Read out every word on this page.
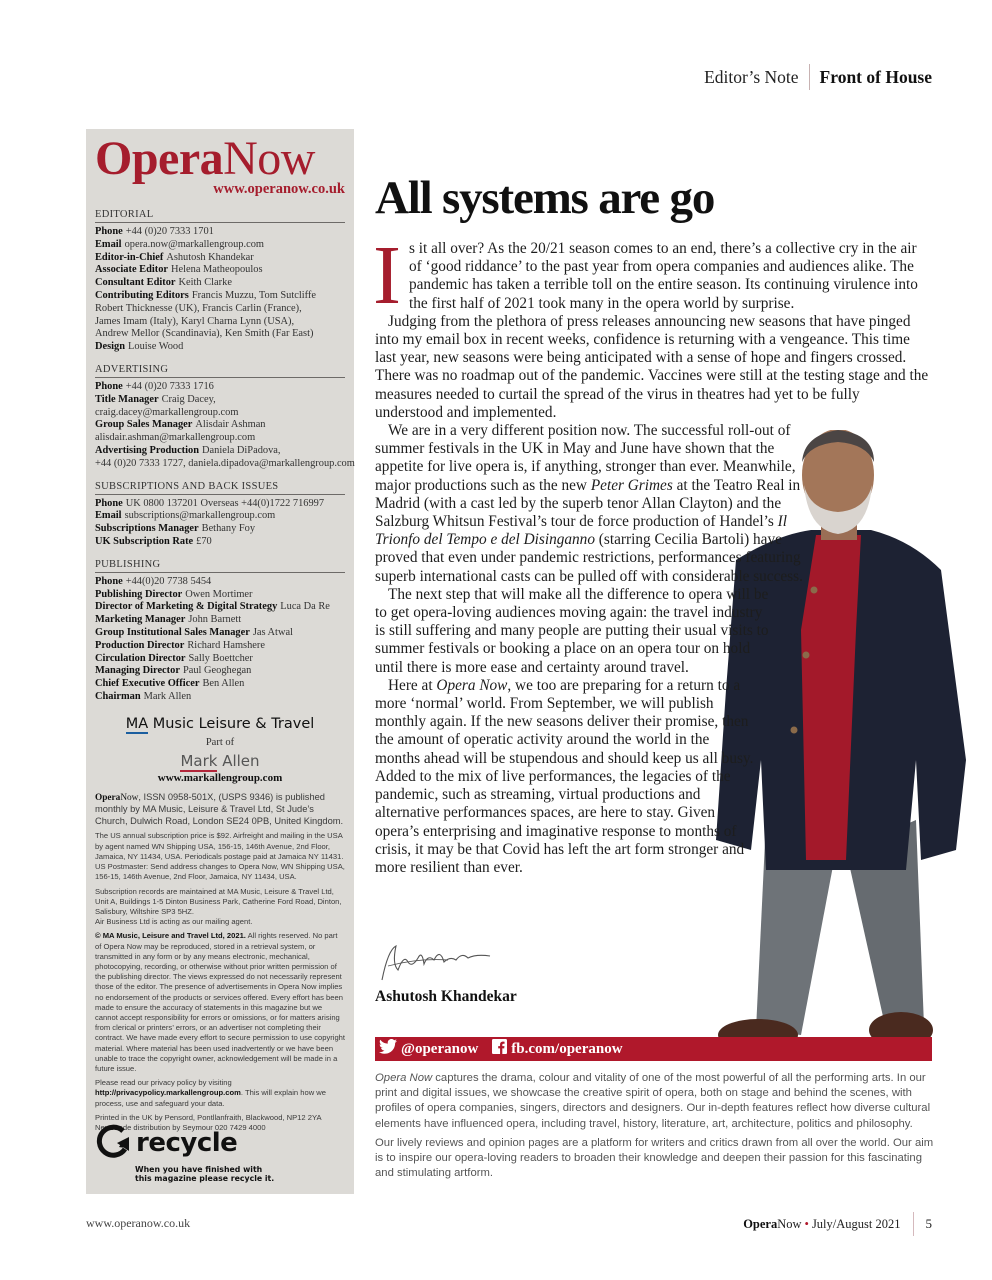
Editor’s Note	Front of House
Opera Now
www.operanow.co.uk
EDITORIAL
Phone +44 (0)20 7333 1701
Email opera.now@markallengroup.com
Editor-in-Chief Ashutosh Khandekar
Associate Editor Helena Matheopoulos
Consultant Editor Keith Clarke
Contributing Editors Francis Muzzu, Tom Sutcliffe
Robert Thicknesse (UK), Francis Carlin (France),
James Imam (Italy), Karyl Charna Lynn (USA),
Andrew Mellor (Scandinavia), Ken Smith (Far East)
Design Louise Wood
ADVERTISING
Phone +44 (0)20 7333 1716
Title Manager Craig Dacey,
craig.dacey@markallengroup.com
Group Sales Manager Alisdair Ashman
alisdair.ashman@markallengroup.com
Advertising Production Daniela DiPadova,
+44 (0)20 7333 1727, daniela.dipadova@markallengroup.com
SUBSCRIPTIONS AND BACK ISSUES
Phone UK 0800 137201 Overseas +44(0)1722 716997
Email subscriptions@markallengroup.com
Subscriptions Manager Bethany Foy
UK Subscription Rate £70
PUBLISHING
Phone +44(0)20 7738 5454
Publishing Director Owen Mortimer
Director of Marketing & Digital Strategy Luca Da Re
Marketing Manager John Barnett
Group Institutional Sales Manager Jas Atwal
Production Director Richard Hamshere
Circulation Director Sally Boettcher
Managing Director Paul Geoghegan
Chief Executive Officer Ben Allen
Chairman Mark Allen
MA Music Leisure & Travel
Part of
Mark Allen
www.markallengroup.com
OperaNow, ISSN 0958-501X, (USPS 9346) is published monthly by MA Music, Leisure & Travel Ltd, St Jude’s Church, Dulwich Road, London SE24 0PB, United Kingdom.
The US annual subscription price is $92. Airfreight and mailing in the USA by agent named WN Shipping USA, 156-15, 146th Avenue, 2nd Floor, Jamaica, NY 11434, USA. Periodicals postage paid at Jamaica NY 11431. US Postmaster: Send address changes to Opera Now, WN Shipping USA, 156-15, 146th Avenue, 2nd Floor, Jamaica, NY 11434, USA.
Subscription records are maintained at MA Music, Leisure & Travel Ltd, Unit A, Buildings 1-5 Dinton Business Park, Catherine Ford Road, Dinton, Salisbury, Wiltshire SP3 5HZ.
Air Business Ltd is acting as our mailing agent.
© MA Music, Leisure and Travel Ltd, 2021. All rights reserved. No part of Opera Now may be reproduced, stored in a retrieval system, or transmitted in any form or by any means electronic, mechanical, photocopying, recording, or otherwise without prior written permission of the publishing director. The views expressed do not necessarily represent those of the editor. The presence of advertisements in Opera Now implies no endorsement of the products or services offered. Every effort has been made to ensure the accuracy of statements in this magazine but we cannot accept responsibility for errors or omissions, or for matters arising from clerical or printers’ errors, or an advertiser not completing their contract. We have made every effort to secure permission to use copyright material. Where material has been used inadvertently or we have been unable to trace the copyright owner, acknowledgement will be made in a future issue.
Please read our privacy policy by visiting http://privacypolicy.markallengroup.com. This will explain how we process, use and safeguard your data.
Printed in the UK by Pensord, Pontllanfraith, Blackwood, NP12 2YA
Newstrade distribution by Seymour 020 7429 4000
recycle
When you have finished with
this magazine please recycle it.
All systems are go

Is it all over? As the 20/21 season comes to an end, there’s a collective cry in the air of ‘good riddance’ to the past year from opera companies and audiences alike. The pandemic has taken a terrible toll on the entire season. Its continuing virulence into the first half of 2021 took many in the opera world by surprise.

Judging from the plethora of press releases announcing new seasons that have pinged into my email box in recent weeks, confidence is returning with a vengeance. This time last year, new seasons were being anticipated with a sense of hope and fingers crossed. There was no roadmap out of the pandemic. Vaccines were still at the testing stage and the measures needed to curtail the spread of the virus in theatres had yet to be fully understood and implemented.

We are in a very different position now. The successful roll-out of summer festivals in the UK in May and June have shown that the appetite for live opera is, if anything, stronger than ever. Meanwhile, major productions such as the new Peter Grimes at the Teatro Real in Madrid (with a cast led by the superb tenor Allan Clayton) and the Salzburg Whitsun Festival’s tour de force production of Handel’s Il Trionfo del Tempo e del Disinganno (starring Cecilia Bartoli) have proved that even under pandemic restrictions, performances featuring superb international casts can be pulled off with considerable success.

The next step that will make all the difference to opera will be to get opera-loving audiences moving again: the travel industry is still suffering and many people are putting their usual visits to summer festivals or booking a place on an opera tour on hold until there is more ease and certainty around travel.

Here at Opera Now, we too are preparing for a return to a more ‘normal’ world. From September, we will publish monthly again. If the new seasons deliver their promise, then the amount of operatic activity around the world in the months ahead will be stupendous and should keep us all busy. Added to the mix of live performances, the legacies of the pandemic, such as streaming, virtual productions and alternative performances spaces, are here to stay. Given opera’s enterprising and imaginative response to months of crisis, it may be that Covid has left the art form stronger and more resilient than ever.

Ashutosh Khandekar
@operanow fb.com/operanow

Opera Now captures the drama, colour and vitality of one of the most powerful of all the performing arts. In our print and digital issues, we showcase the creative spirit of opera, both on stage and behind the scenes, with profiles of opera companies, singers, directors and designers. Our in-depth features reflect how diverse cultural elements have influenced opera, including travel, history, literature, art, architecture, politics and philosophy.

Our lively reviews and opinion pages are a platform for writers and critics drawn from all over the world. Our aim is to inspire our opera-loving readers to broaden their knowledge and deepen their passion for this fascinating and stimulating artform.

www.operanow.co.uk	Opera Now • July/August 2021 5
